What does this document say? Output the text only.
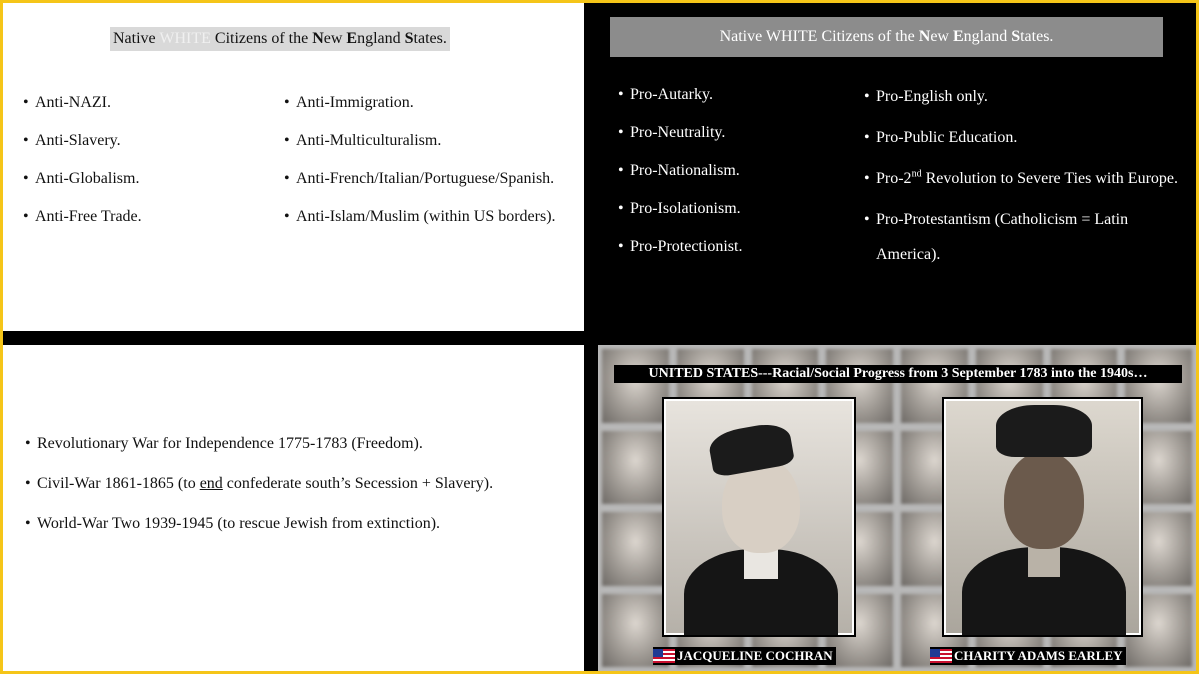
Native WHITE Citizens of the New England States.
• Anti-NAZI.
• Anti-Slavery.
• Anti-Globalism.
• Anti-Free Trade.
• Anti-Immigration.
• Anti-Multiculturalism.
• Anti-French/Italian/Portuguese/Spanish.
• Anti-Islam/Muslim (within US borders).
Native WHITE Citizens of the New England States.
• Pro-Autarky.
• Pro-Neutrality.
• Pro-Nationalism.
• Pro-Isolationism.
• Pro-Protectionist.
• Pro-English only.
• Pro-Public Education.
• Pro-2nd Revolution to Severe Ties with Europe.
• Pro-Protestantism (Catholicism = Latin America).
• Revolutionary War for Independence 1775-1783 (Freedom).
• Civil-War 1861-1865 (to end confederate south’s Secession + Slavery).
• World-War Two 1939-1945 (to rescue Jewish from extinction).
UNITED STATES---Racial/Social Progress from 3 September 1783 into the 1940s…
JACQUELINE COCHRAN	CHARITY ADAMS EARLEY
